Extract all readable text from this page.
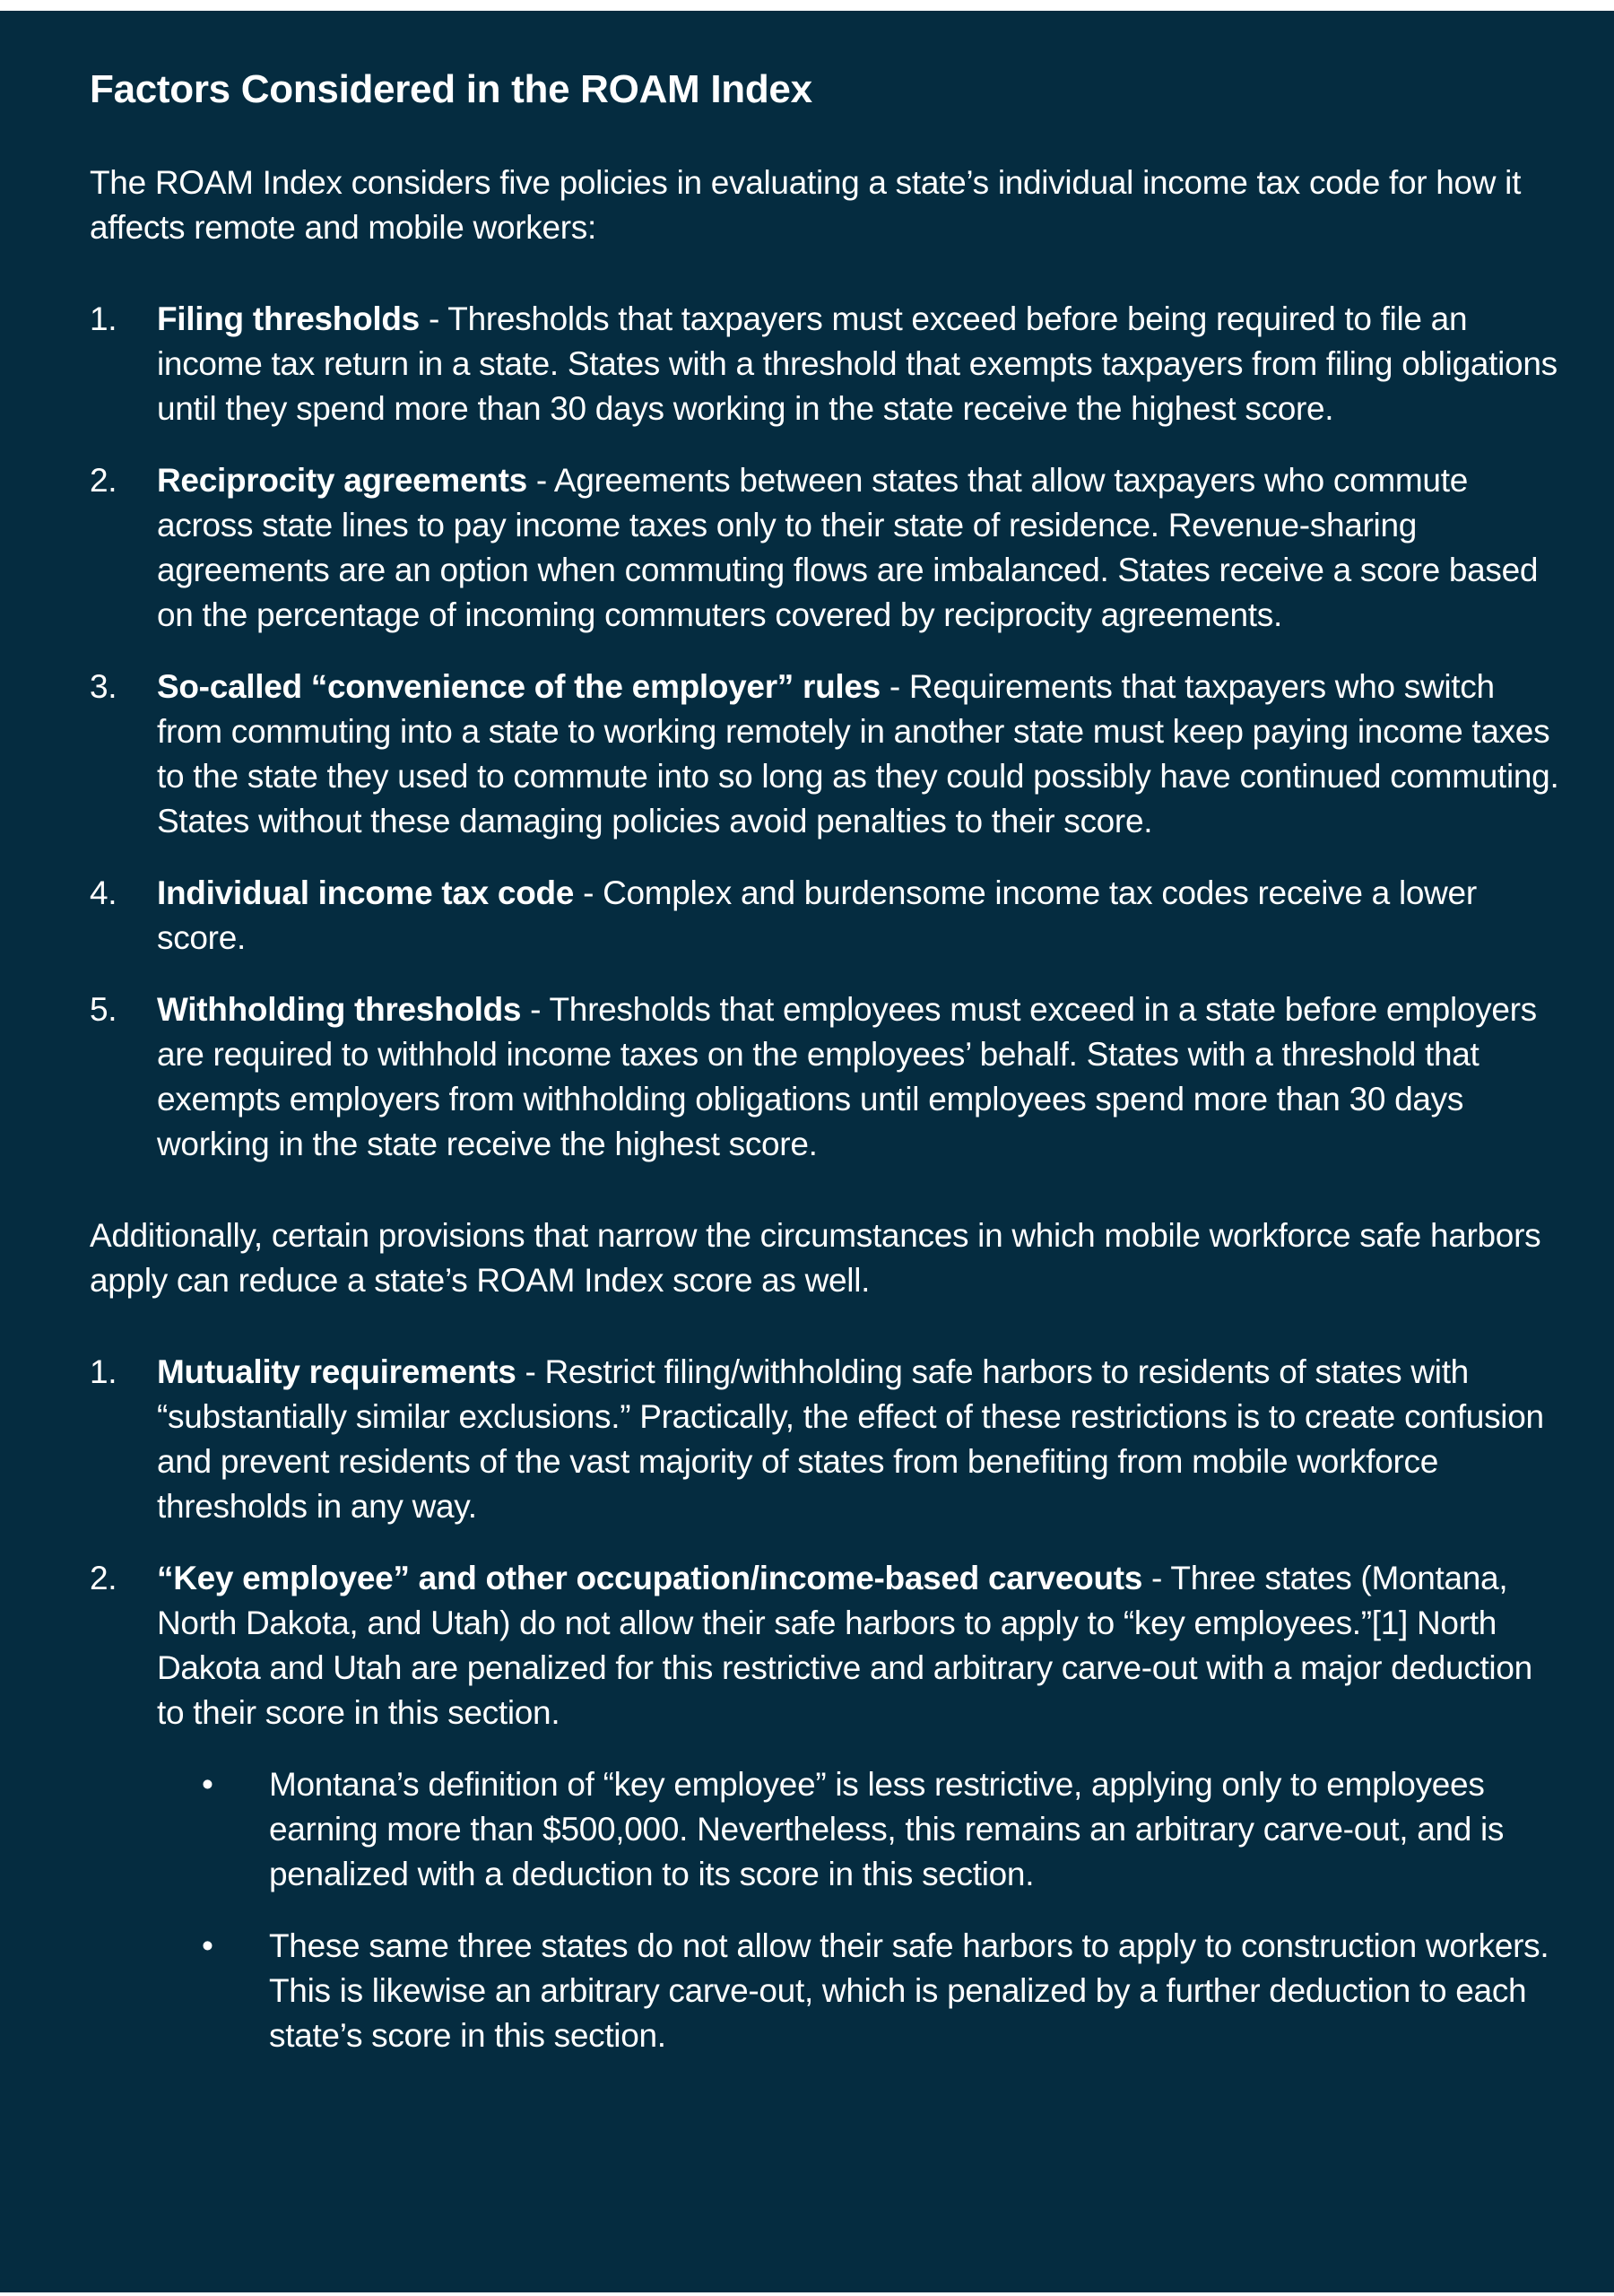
Factors Considered in the ROAM Index

The ROAM Index considers five policies in evaluating a state’s individual income tax code for how it affects remote and mobile workers:

1. Filing thresholds - Thresholds that taxpayers must exceed before being required to file an income tax return in a state. States with a threshold that exempts taxpayers from filing obligations until they spend more than 30 days working in the state receive the highest score.
2. Reciprocity agreements - Agreements between states that allow taxpayers who commute across state lines to pay income taxes only to their state of residence. Revenue-sharing agreements are an option when commuting flows are imbalanced. States receive a score based on the percentage of incoming commuters covered by reciprocity agreements.
3. So-called “convenience of the employer” rules - Requirements that taxpayers who switch from commuting into a state to working remotely in another state must keep paying income taxes to the state they used to commute into so long as they could possibly have continued commuting. States without these damaging policies avoid penalties to their score.
4. Individual income tax code - Complex and burdensome income tax codes receive a lower score.
5. Withholding thresholds - Thresholds that employees must exceed in a state before employers are required to withhold income taxes on the employees’ behalf. States with a threshold that exempts employers from withholding obligations until employees spend more than 30 days working in the state receive the highest score.

Additionally, certain provisions that narrow the circumstances in which mobile workforce safe harbors apply can reduce a state’s ROAM Index score as well.

1. Mutuality requirements - Restrict filing/withholding safe harbors to residents of states with “substantially similar exclusions.” Practically, the effect of these restrictions is to create confusion and prevent residents of the vast majority of states from benefiting from mobile workforce thresholds in any way.
2. “Key employee” and other occupation/income-based carveouts - Three states (Montana, North Dakota, and Utah) do not allow their safe harbors to apply to “key employees.”[1] North Dakota and Utah are penalized for this restrictive and arbitrary carve-out with a major deduction to their score in this section.
• Montana’s definition of “key employee” is less restrictive, applying only to employees earning more than $500,000. Nevertheless, this remains an arbitrary carve-out, and is penalized with a deduction to its score in this section.
• These same three states do not allow their safe harbors to apply to construction workers. This is likewise an arbitrary carve-out, which is penalized by a further deduction to each state’s score in this section.
